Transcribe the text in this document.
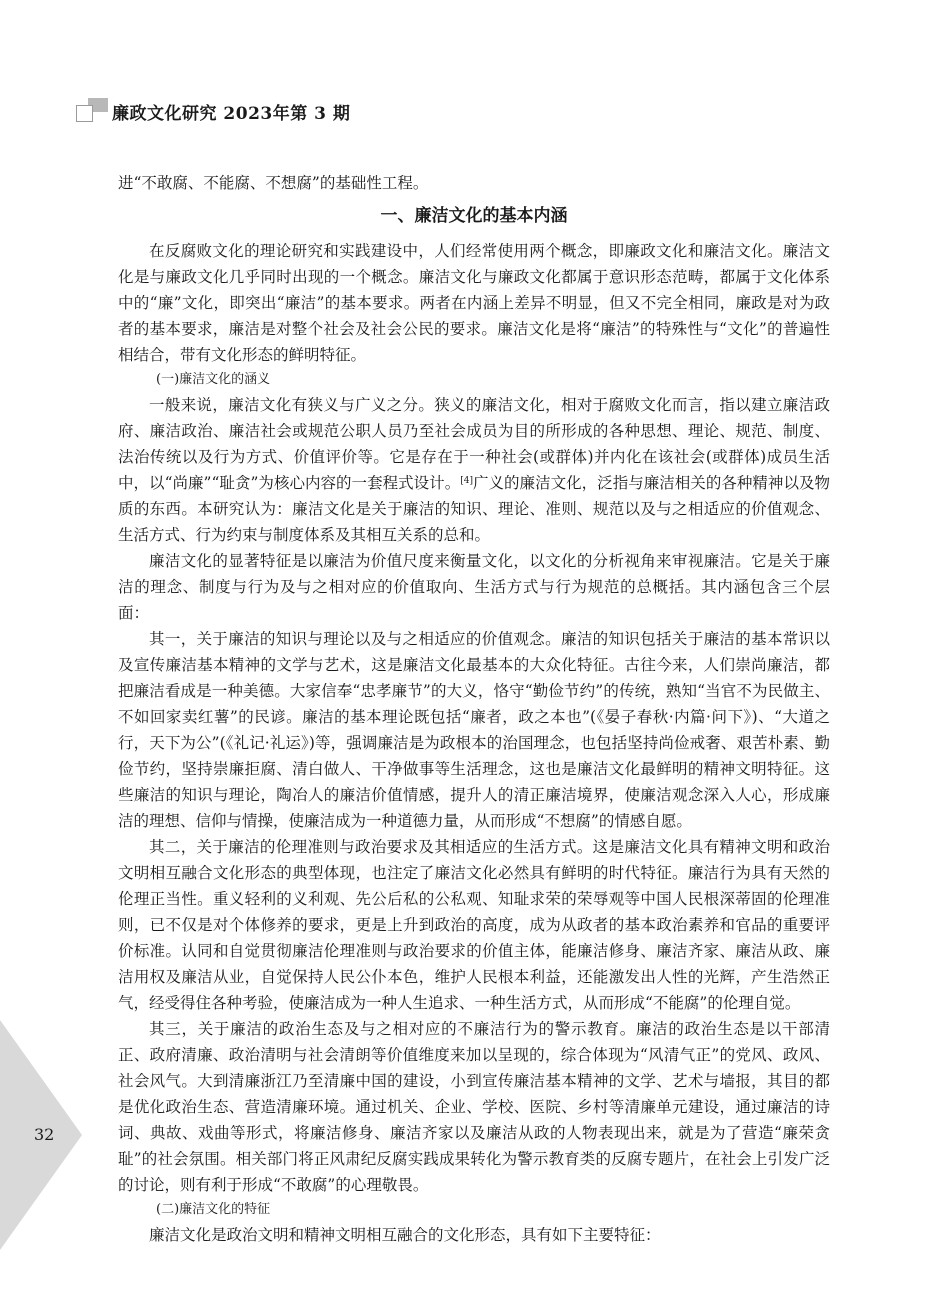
廉政文化研究 2023年第 3 期

进“不敢腐、不能腐、不想腐”的基础性工程。

一、廉洁文化的基本内涵

在反腐败文化的理论研究和实践建设中，人们经常使用两个概念，即廉政文化和廉洁文化。廉洁文化是与廉政文化几乎同时出现的一个概念。廉洁文化与廉政文化都属于意识形态范畴，都属于文化体系中的“廉”文化，即突出“廉洁”的基本要求。两者在内涵上差异不明显，但又不完全相同，廉政是对为政者的基本要求，廉洁是对整个社会及社会公民的要求。廉洁文化是将“廉洁”的特殊性与“文化”的普遍性相结合，带有文化形态的鲜明特征。

(一)廉洁文化的涵义

一般来说，廉洁文化有狭义与广义之分。狭义的廉洁文化，相对于腐败文化而言，指以建立廉洁政府、廉洁政治、廉洁社会或规范公职人员乃至社会成员为目的所形成的各种思想、理论、规范、制度、法治传统以及行为方式、价值评价等。它是存在于一种社会(或群体)并内化在该社会(或群体)成员生活中，以“尚廉”“耻贪”为核心内容的一套程式设计。[4]广义的廉洁文化，泛指与廉洁相关的各种精神以及物质的东西。本研究认为：廉洁文化是关于廉洁的知识、理论、准则、规范以及与之相适应的价值观念、生活方式、行为约束与制度体系及其相互关系的总和。

廉洁文化的显著特征是以廉洁为价值尺度来衡量文化，以文化的分析视角来审视廉洁。它是关于廉洁的理念、制度与行为及与之相对应的价值取向、生活方式与行为规范的总概括。其内涵包含三个层面：

其一，关于廉洁的知识与理论以及与之相适应的价值观念。廉洁的知识包括关于廉洁的基本常识以及宣传廉洁基本精神的文学与艺术，这是廉洁文化最基本的大众化特征。古往今来，人们崇尚廉洁，都把廉洁看成是一种美德。大家信奉“忠孝廉节”的大义，恪守“勤俭节约”的传统，熟知“当官不为民做主、不如回家卖红薯”的民谚。廉洁的基本理论既包括“廉者，政之本也”(《晏子春秋·内篇·问下》)、“大道之行，天下为公”(《礼记·礼运》)等，强调廉洁是为政根本的治国理念，也包括坚持尚俭戒奢、艰苦朴素、勤俭节约，坚持崇廉拒腐、清白做人、干净做事等生活理念，这也是廉洁文化最鲜明的精神文明特征。这些廉洁的知识与理论，陶冶人的廉洁价值情感，提升人的清正廉洁境界，使廉洁观念深入人心，形成廉洁的理想、信仰与情操，使廉洁成为一种道德力量，从而形成“不想腐”的情感自愿。

其二，关于廉洁的伦理准则与政治要求及其相适应的生活方式。这是廉洁文化具有精神文明和政治文明相互融合文化形态的典型体现，也注定了廉洁文化必然具有鲜明的时代特征。廉洁行为具有天然的伦理正当性。重义轻利的义利观、先公后私的公私观、知耻求荣的荣辱观等中国人民根深蒂固的伦理准则，已不仅是对个体修养的要求，更是上升到政治的高度，成为从政者的基本政治素养和官品的重要评价标准。认同和自觉贯彻廉洁伦理准则与政治要求的价值主体，能廉洁修身、廉洁齐家、廉洁从政、廉洁用权及廉洁从业，自觉保持人民公仆本色，维护人民根本利益，还能激发出人性的光辉，产生浩然正气，经受得住各种考验，使廉洁成为一种人生追求、一种生活方式，从而形成“不能腐”的伦理自觉。

其三，关于廉洁的政治生态及与之相对应的不廉洁行为的警示教育。廉洁的政治生态是以干部清正、政府清廉、政治清明与社会清朗等价值维度来加以呈现的，综合体现为“风清气正”的党风、政风、社会风气。大到清廉浙江乃至清廉中国的建设，小到宣传廉洁基本精神的文学、艺术与墙报，其目的都是优化政治生态、营造清廉环境。通过机关、企业、学校、医院、乡村等清廉单元建设，通过廉洁的诗词、典故、戏曲等形式，将廉洁修身、廉洁齐家以及廉洁从政的人物表现出来，就是为了营造“廉荣贪耻”的社会氛围。相关部门将正风肃纪反腐实践成果转化为警示教育类的反腐专题片，在社会上引发广泛的讨论，则有利于形成“不敢腐”的心理敬畏。

(二)廉洁文化的特征

廉洁文化是政治文明和精神文明相互融合的文化形态，具有如下主要特征：

32
